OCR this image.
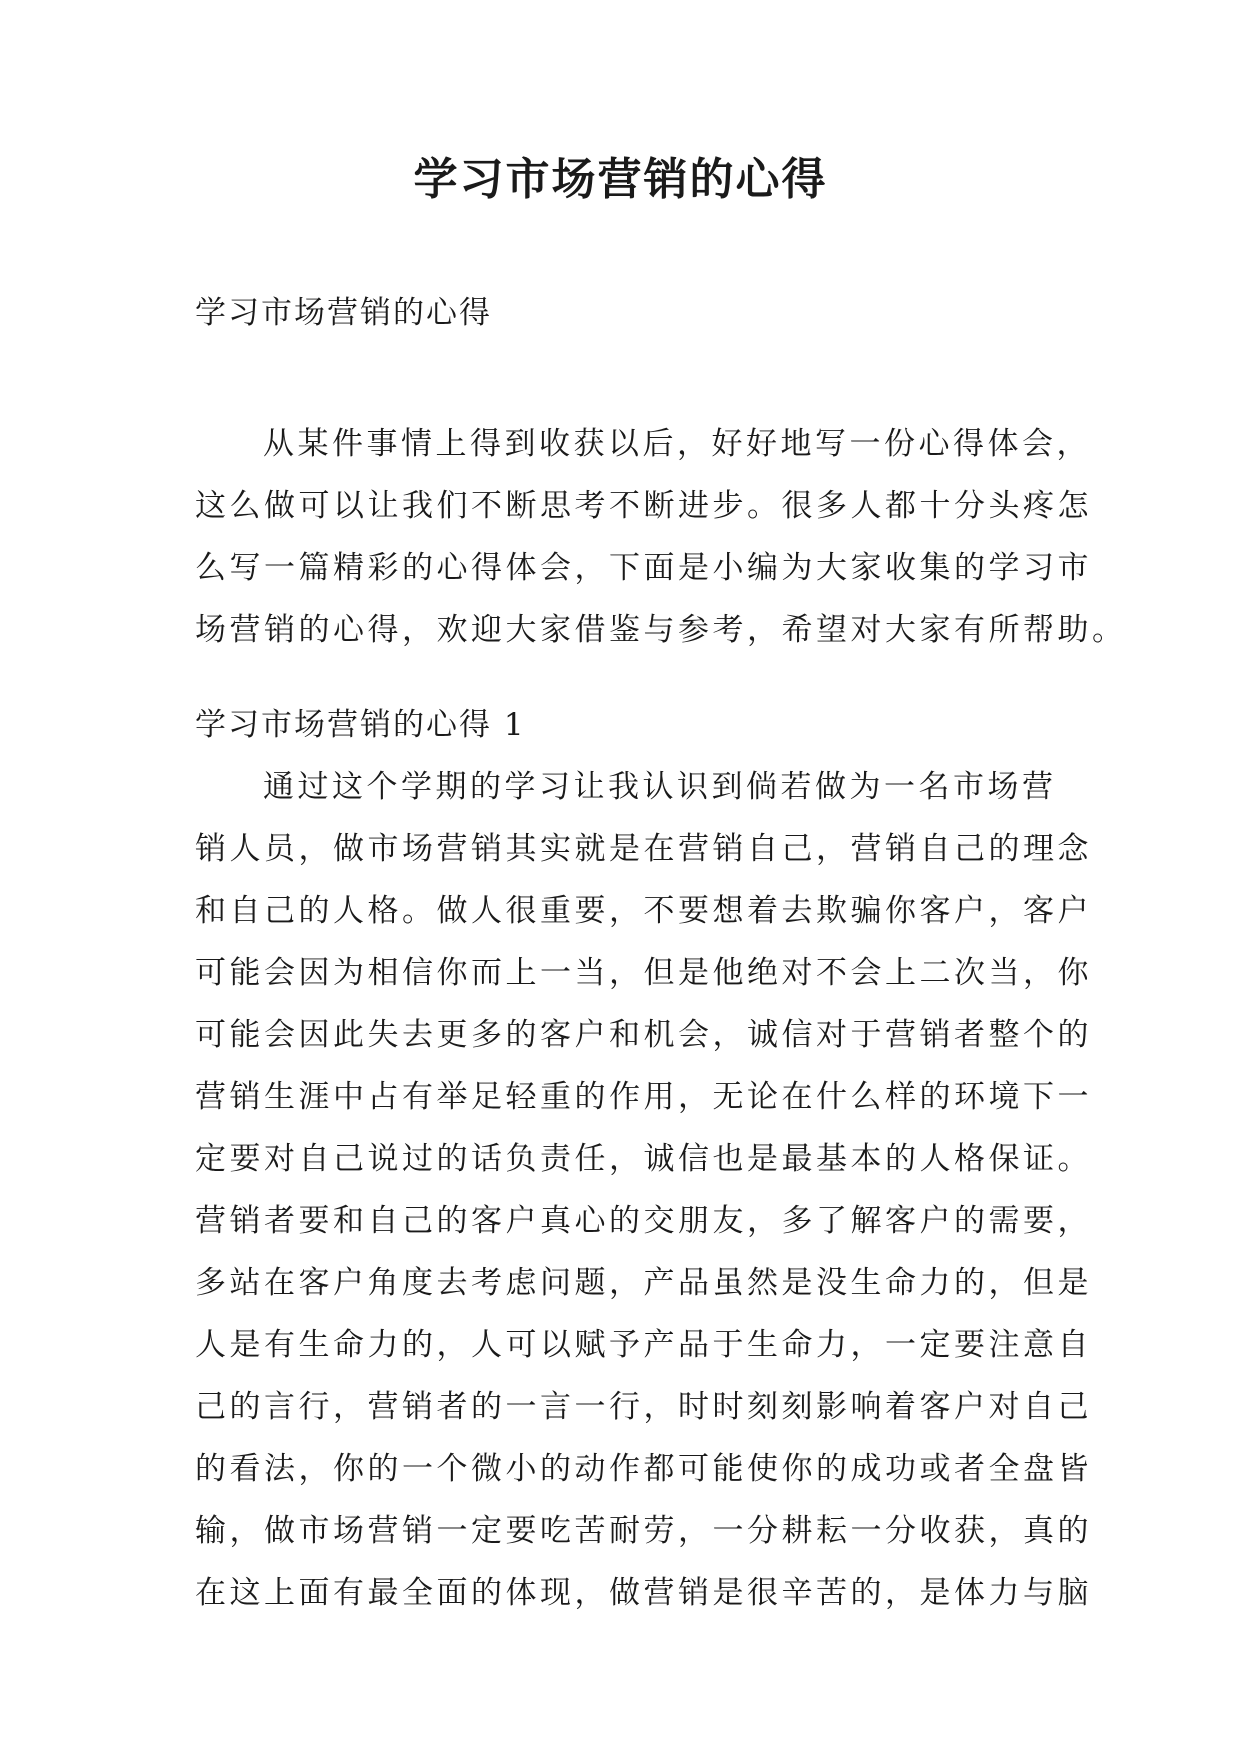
学习市场营销的心得

学习市场营销的心得

从某件事情上得到收获以后，好好地写一份心得体会，
这么做可以让我们不断思考不断进步。很多人都十分头疼怎
么写一篇精彩的心得体会，下面是小编为大家收集的学习市
场营销的心得，欢迎大家借鉴与参考，希望对大家有所帮助。

学习市场营销的心得 1

通过这个学期的学习让我认识到倘若做为一名市场营
销人员，做市场营销其实就是在营销自己，营销自己的理念
和自己的人格。做人很重要，不要想着去欺骗你客户，客户
可能会因为相信你而上一当，但是他绝对不会上二次当，你
可能会因此失去更多的客户和机会，诚信对于营销者整个的
营销生涯中占有举足轻重的作用，无论在什么样的环境下一
定要对自己说过的话负责任，诚信也是最基本的人格保证。
营销者要和自己的客户真心的交朋友，多了解客户的需要，
多站在客户角度去考虑问题，产品虽然是没生命力的，但是
人是有生命力的，人可以赋予产品于生命力，一定要注意自
己的言行，营销者的一言一行，时时刻刻影响着客户对自己
的看法，你的一个微小的动作都可能使你的成功或者全盘皆
输，做市场营销一定要吃苦耐劳，一分耕耘一分收获，真的
在这上面有最全面的体现，做营销是很辛苦的，是体力与脑
